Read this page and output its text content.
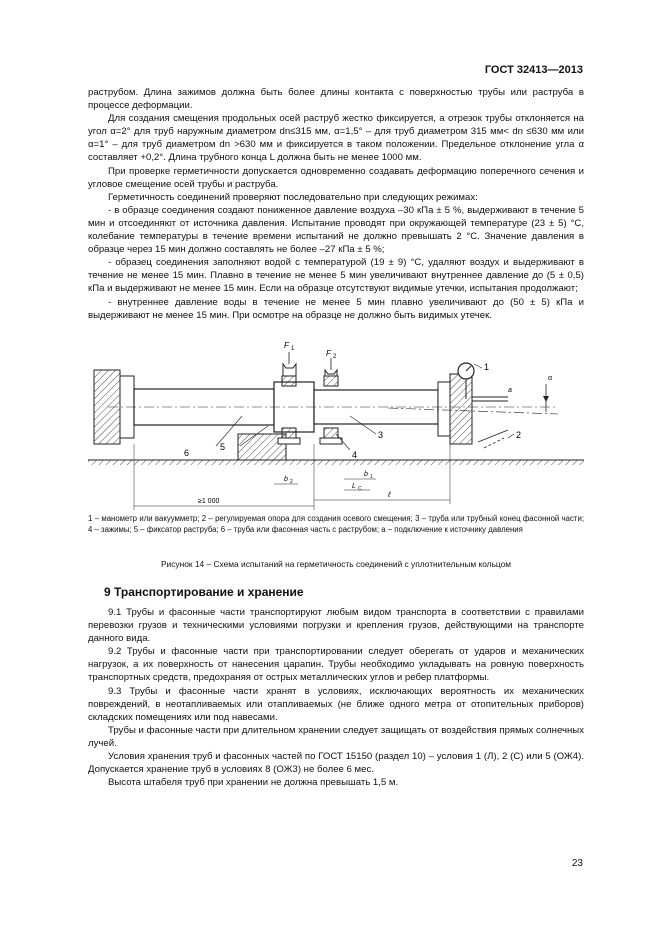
ГОСТ 32413—2013

раструбом. Длина зажимов должна быть более длины контакта с поверхностью трубы или раструба в процессе деформации.

Для создания смещения продольных осей раструб жестко фиксируется, а отрезок трубы отклоняется на угол α=2° для труб наружным диаметром dn≤315 мм, α=1,5° – для труб диаметром 315 мм< dn ≤630 мм или α=1° – для труб диаметром dn >630 мм и фиксируется в таком положении. Предельное отклонение угла α составляет +0,2°. Длина трубного конца L должна быть не менее 1000 мм.

При проверке герметичности допускается одновременно создавать деформацию поперечного сечения и угловое смещение осей трубы и раструба.

Герметичность соединений проверяют последовательно при следующих режимах:

- в образце соединения создают пониженное давление воздуха –30 кПа ± 5 %, выдерживают в течение 5 мин и отсоединяют от источника давления. Испытание проводят при окружающей температуре (23 ± 5) °С, колебание температуры в течение времени испытаний не должно превышать 2 °С. Значение давления в образце через 15 мин должно составлять не более –27 кПа ± 5 %;

- образец соединения заполняют водой с температурой (19 ± 9) °С, удаляют воздух и выдерживают в течение не менее 15 мин. Плавно в течение не менее 5 мин увеличивают внутреннее давление до (5 ± 0,5) кПа и выдерживают не менее 15 мин. Если на образце отсутствуют видимые утечки, испытания продолжают;

- внутреннее давление воды в течение не менее 5 мин плавно увеличивают до (50 ± 5) кПа и выдерживают не менее 15 мин. При осмотре на образце не должно быть видимых утечек.

F 1	F 2
1
2
3
4
5
6
a
α
b 1
b 2
L C
≥1 000
ℓ
1 – манометр или вакуумметр; 2 – регулируемая опора для создания осевого смещения; 3 – труба или трубный конец фасонной части; 4 – зажимы; 5 – фиксатор раструба; 6 – труба или фасонная часть с раструбом; а – подключение к источнику давления
Рисунок 14 – Схема испытаний на герметичность соединений с уплотнительным кольцом
9 Транспортирование и хранение

9.1 Трубы и фасонные части транспортируют любым видом транспорта в соответствии с правилами перевозки грузов и техническими условиями погрузки и крепления грузов, действующими на транспорте данного вида.

9.2 Трубы и фасонные части при транспортировании следует оберегать от ударов и механических нагрузок, а их поверхность от нанесения царапин. Трубы необходимо укладывать на ровную поверхность транспортных средств, предохраняя от острых металлических углов и ребер платформы.

9.3 Трубы и фасонные части хранят в условиях, исключающих вероятность их механических повреждений, в неотапливаемых или отапливаемых (не ближе одного метра от отопительных приборов) складских помещениях или под навесами.

Трубы и фасонные части при длительном хранении следует защищать от воздействия прямых солнечных лучей.

Условия хранения труб и фасонных частей по ГОСТ 15150 (раздел 10) – условия 1 (Л), 2 (С) или 5 (ОЖ4). Допускается хранение труб в условиях 8 (ОЖ3) не более 6 мес.

Высота штабеля труб при хранении не должна превышать 1,5 м.

23
